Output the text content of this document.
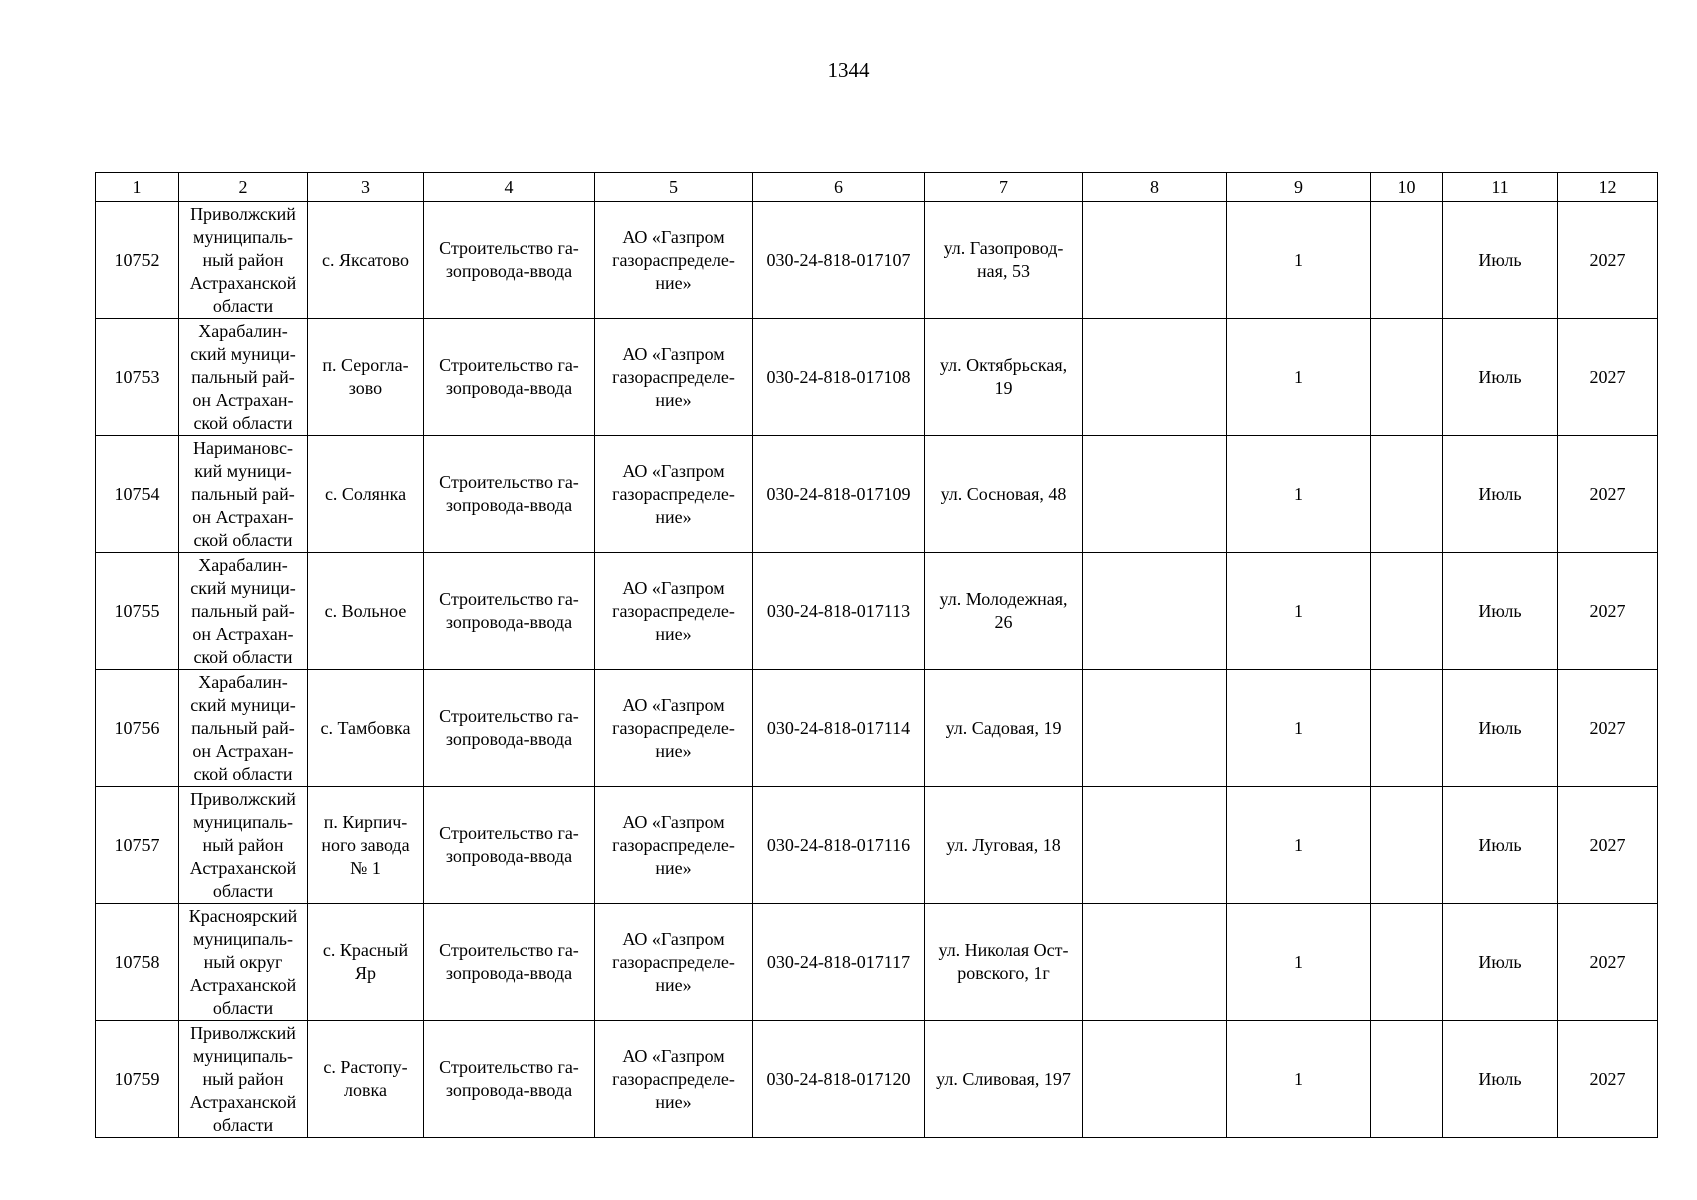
1344
1	2	3	4	5	6	7	8	9	10	11	12

10752	Приволжский
муниципаль-
ный район
Астраханской
области	с. Яксатово	Строительство га-
зопровода-ввода	АО «Газпром
газораспределе-
ние»	030-24-818-017107	ул. Газопровод-
ная, 53		1		Июль	2027

10753	Харабалин-
ский муници-
пальный рай-
он Астрахан-
ской области	п. Серогла-
зово	Строительство га-
зопровода-ввода	АО «Газпром
газораспределе-
ние»	030-24-818-017108	ул. Октябрьская,
19		1		Июль	2027

10754	Наримановс-
кий муници-
пальный рай-
он Астрахан-
ской области	с. Солянка	Строительство га-
зопровода-ввода	АО «Газпром
газораспределе-
ние»	030-24-818-017109	ул. Сосновая, 48		1		Июль	2027

10755	Харабалин-
ский муници-
пальный рай-
он Астрахан-
ской области	с. Вольное	Строительство га-
зопровода-ввода	АО «Газпром
газораспределе-
ние»	030-24-818-017113	ул. Молодежная,
26		1		Июль	2027

10756	Харабалин-
ский муници-
пальный рай-
он Астрахан-
ской области	с. Тамбовка	Строительство га-
зопровода-ввода	АО «Газпром
газораспределе-
ние»	030-24-818-017114	ул. Садовая, 19		1		Июль	2027

10757	Приволжский
муниципаль-
ный район
Астраханской
области	п. Кирпич-
ного завода
№ 1	Строительство га-
зопровода-ввода	АО «Газпром
газораспределе-
ние»	030-24-818-017116	ул. Луговая, 18		1		Июль	2027

10758	Красноярский
муниципаль-
ный округ
Астраханской
области	с. Красный
Яр	Строительство га-
зопровода-ввода	АО «Газпром
газораспределе-
ние»	030-24-818-017117	ул. Николая Ост-
ровского, 1г		1		Июль	2027

10759	Приволжский
муниципаль-
ный район
Астраханской
области	с. Растопу-
ловка	Строительство га-
зопровода-ввода	АО «Газпром
газораспределе-
ние»	030-24-818-017120	ул. Сливовая, 197		1		Июль	2027
